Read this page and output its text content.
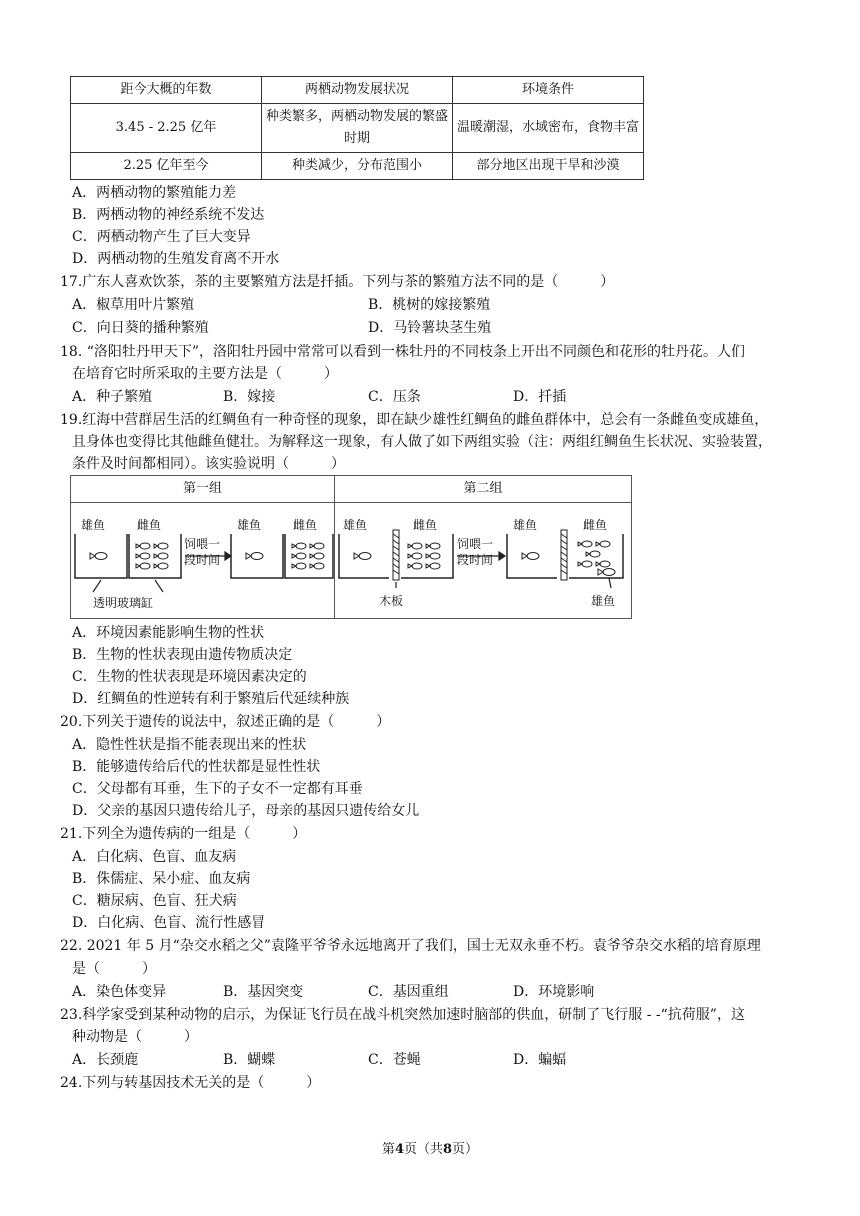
距今大概的年数	两栖动物发展状况	环境条件
3.45 - 2.25 亿年	种类繁多，两栖动物发展的繁盛时期	温暖潮湿，水域密布，食物丰富
2.25 亿年至今	种类减少，分布范围小	部分地区出现干旱和沙漠
A．两栖动物的繁殖能力差
B．两栖动物的神经系统不发达
C．两栖动物产生了巨大变异
D．两栖动物的生殖发育离不开水
17.广东人喜欢饮茶，茶的主要繁殖方法是扦插。下列与茶的繁殖方法不同的是（　　　）
A．椒草用叶片繁殖	B．桃树的嫁接繁殖
C．向日葵的播种繁殖	D．马铃薯块茎生殖
18. “洛阳牡丹甲天下”，洛阳牡丹园中常常可以看到一株牡丹的不同枝条上开出不同颜色和花形的牡丹花。人们
在培育它时所采取的主要方法是（　　　）
A．种子繁殖	B．嫁接	C．压条	D．扦插
19.红海中营群居生活的红鲷鱼有一种奇怪的现象，即在缺少雄性红鲷鱼的雌鱼群体中，总会有一条雌鱼变成雄鱼，
且身体也变得比其他雌鱼健壮。为解释这一现象，有人做了如下两组实验（注：两组红鲷鱼生长状况、实验装置，
条件及时间都相同）。该实验说明（　　　）
第一组	第二组
雄鱼	雌鱼	雄鱼	雌鱼
饲喂一段时间
透明玻璃缸
雄鱼	雌鱼	雄鱼	雌鱼
饲喂一段时间
木板	雄鱼
A．环境因素能影响生物的性状
B．生物的性状表现由遗传物质决定
C．生物的性状表现是环境因素决定的
D．红鲷鱼的性逆转有利于繁殖后代延续种族
20.下列关于遗传的说法中，叙述正确的是（　　　）
A．隐性性状是指不能表现出来的性状
B．能够遗传给后代的性状都是显性性状
C．父母都有耳垂，生下的子女不一定都有耳垂
D．父亲的基因只遗传给儿子，母亲的基因只遗传给女儿
21.下列全为遗传病的一组是（　　　）
A．白化病、色盲、血友病
B．侏儒症、呆小症、血友病
C．糖尿病、色盲、狂犬病
D．白化病、色盲、流行性感冒
22. 2021 年 5 月“杂交水稻之父”袁隆平爷爷永远地离开了我们，国士无双永垂不朽。袁爷爷杂交水稻的培育原理
是（　　　）
A．染色体变异	B．基因突变	C．基因重组	D．环境影响
23.科学家受到某种动物的启示，为保证飞行员在战斗机突然加速时脑部的供血，研制了飞行服 - -“抗荷服”，这
种动物是（　　　）
A．长颈鹿	B．蝴蝶	C．苍蝇	D．蝙蝠
24.下列与转基因技术无关的是（　　　）
第4页（共8页）
